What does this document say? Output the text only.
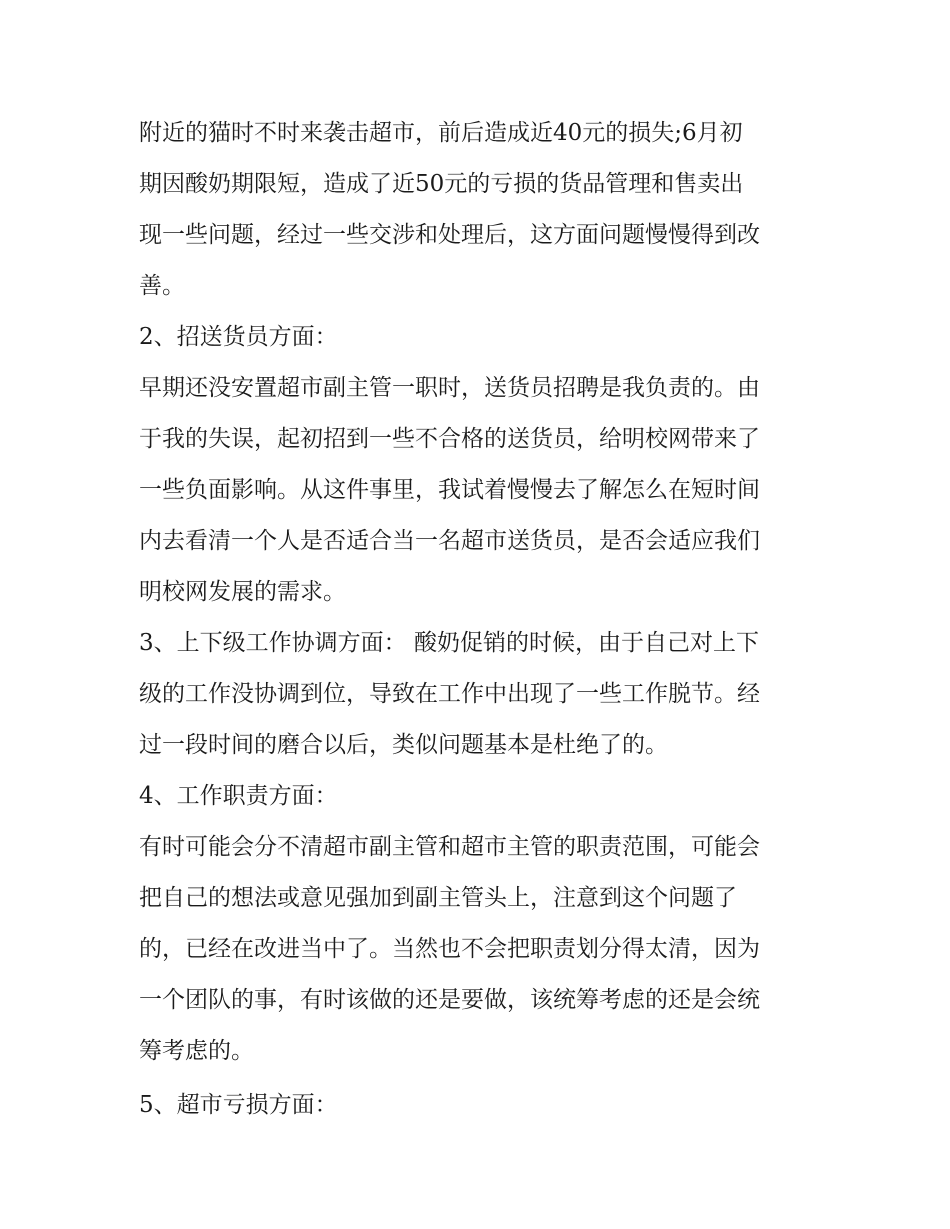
附近的猫时不时来袭击超市，前后造成近40元的损失;6月初
期因酸奶期限短，造成了近50元的亏损的货品管理和售卖出
现一些问题，经过一些交涉和处理后，这方面问题慢慢得到改
善。
2、招送货员方面：
早期还没安置超市副主管一职时，送货员招聘是我负责的。由
于我的失误，起初招到一些不合格的送货员，给明校网带来了
一些负面影响。从这件事里，我试着慢慢去了解怎么在短时间
内去看清一个人是否适合当一名超市送货员，是否会适应我们
明校网发展的需求。
3、上下级工作协调方面： 酸奶促销的时候，由于自己对上下
级的工作没协调到位，导致在工作中出现了一些工作脱节。经
过一段时间的磨合以后，类似问题基本是杜绝了的。
4、工作职责方面：
有时可能会分不清超市副主管和超市主管的职责范围，可能会
把自己的想法或意见强加到副主管头上，注意到这个问题了
的，已经在改进当中了。当然也不会把职责划分得太清，因为
一个团队的事，有时该做的还是要做，该统筹考虑的还是会统
筹考虑的。
5、超市亏损方面：
